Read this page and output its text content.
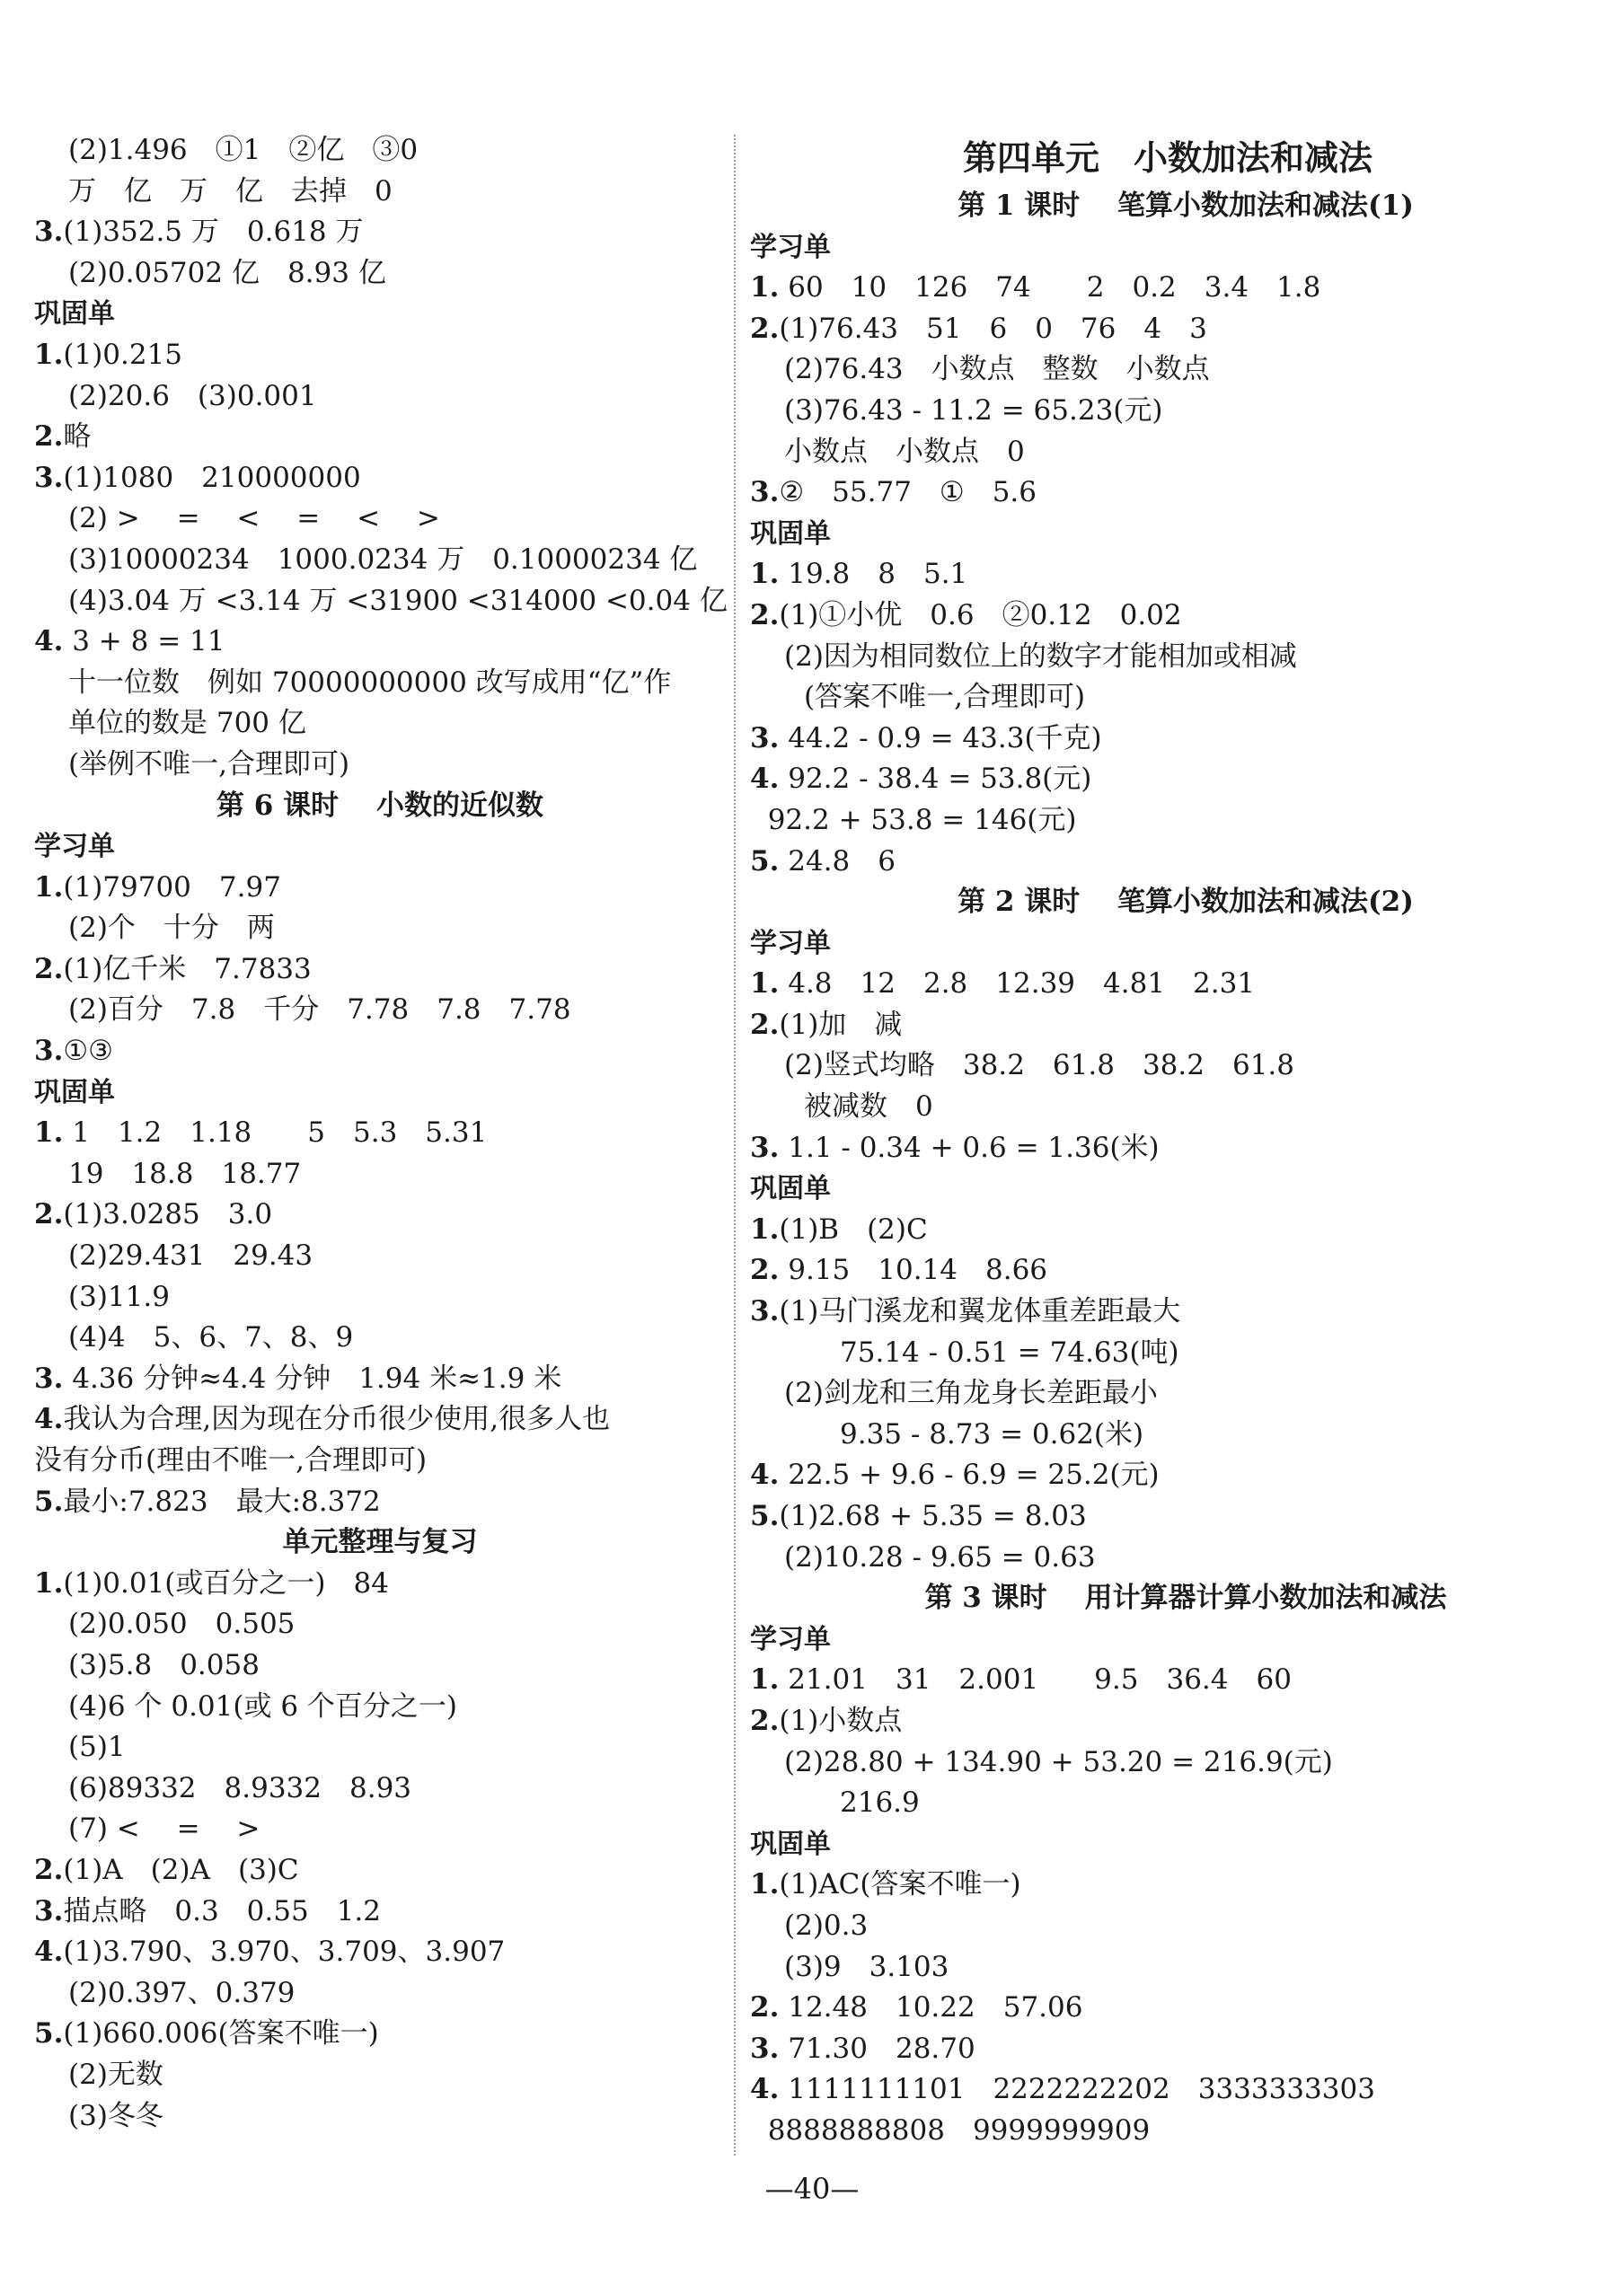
(2)1.496　①1　②亿　③0
万　亿　万　亿　去掉　0
3.(1)352.5 万　0.618 万
(2)0.05702 亿　8.93 亿
巩固单
1.(1)0.215
(2)20.6　(3)0.001
2.略
3.(1)1080　210000000
(2) >　 =　 <　 =　 <　 >
(3)10000234　1000.0234 万　0.10000234 亿
(4)3.04 万 <3.14 万 <31900 <314000 <0.04 亿
4. 3 + 8 = 11
十一位数　例如 70000000000 改写成用“亿”作
单位的数是 700 亿
(举例不唯一,合理即可)
第 6 课时　 小数的近似数
学习单
1.(1)79700　7.97
(2)个　十分　两
2.(1)亿千米　7.7833
(2)百分　7.8　千分　7.78　7.8　7.78
3.①③
巩固单
1. 1　1.2　1.18　　5　5.3　5.31
19　18.8　18.77
2.(1)3.0285　3.0
(2)29.431　29.43
(3)11.9
(4)4　5、6、7、8、9
3. 4.36 分钟≈4.4 分钟　1.94 米≈1.9 米
4.我认为合理,因为现在分币很少使用,很多人也
没有分币(理由不唯一,合理即可)
5.最小:7.823　最大:8.372
单元整理与复习
1.(1)0.01(或百分之一)　84
(2)0.050　0.505
(3)5.8　0.058
(4)6 个 0.01(或 6 个百分之一)
(5)1
(6)89332　8.9332　8.93
(7) <　 =　 >
2.(1)A　(2)A　(3)C
3.描点略　0.3　0.55　1.2
4.(1)3.790、3.970、3.709、3.907
(2)0.397、0.379
5.(1)660.006(答案不唯一)
(2)无数
(3)冬冬
第四单元　小数加法和减法
第 1 课时　 笔算小数加法和减法(1)
学习单
1. 60　10　126　74　　2　0.2　3.4　1.8
2.(1)76.43　51　6　0　76　4　3
(2)76.43　小数点　整数　小数点
(3)76.43 - 11.2 = 65.23(元)
小数点　小数点　0
3.②　55.77　①　5.6
巩固单
1. 19.8　8　5.1
2.(1)①小优　0.6　②0.12　0.02
(2)因为相同数位上的数字才能相加或相减
(答案不唯一,合理即可)
3. 44.2 - 0.9 = 43.3(千克)
4. 92.2 - 38.4 = 53.8(元)
92.2 + 53.8 = 146(元)
5. 24.8　6
第 2 课时　 笔算小数加法和减法(2)
学习单
1. 4.8　12　2.8　12.39　4.81　2.31
2.(1)加　减
(2)竖式均略　38.2　61.8　38.2　61.8
被减数　0
3. 1.1 - 0.34 + 0.6 = 1.36(米)
巩固单
1.(1)B　(2)C
2. 9.15　10.14　8.66
3.(1)马门溪龙和翼龙体重差距最大
75.14 - 0.51 = 74.63(吨)
(2)剑龙和三角龙身长差距最小
9.35 - 8.73 = 0.62(米)
4. 22.5 + 9.6 - 6.9 = 25.2(元)
5.(1)2.68 + 5.35 = 8.03
(2)10.28 - 9.65 = 0.63
第 3 课时　 用计算器计算小数加法和减法
学习单
1. 21.01　31　2.001　　9.5　36.4　60
2.(1)小数点
(2)28.80 + 134.90 + 53.20 = 216.9(元)
216.9
巩固单
1.(1)AC(答案不唯一)
(2)0.3
(3)9　3.103
2. 12.48　10.22　57.06
3. 71.30　28.70
4. 1111111101　2222222202　3333333303
8888888808　9999999909
—40—
